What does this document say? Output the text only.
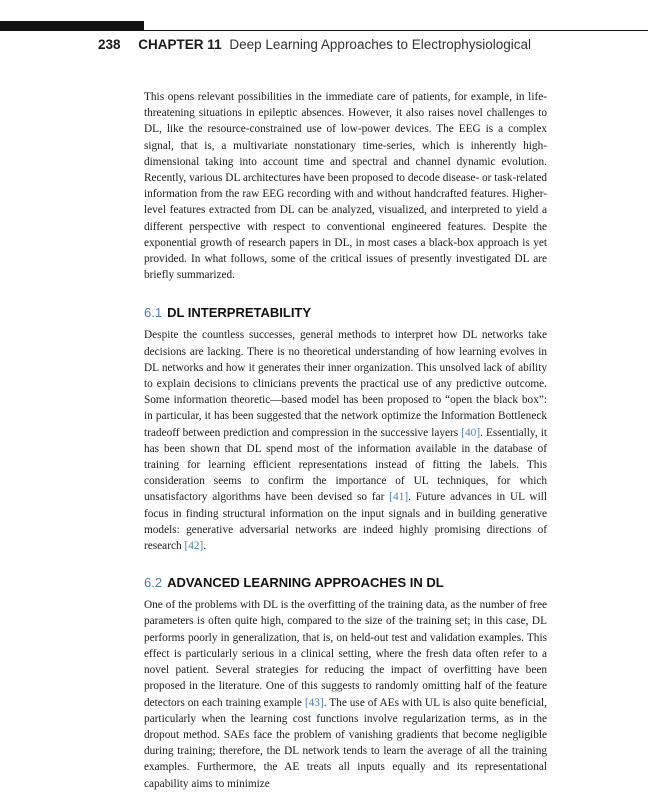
238 CHAPTER 11 Deep Learning Approaches to Electrophysiological

This opens relevant possibilities in the immediate care of patients, for example, in life-threatening situations in epileptic absences. However, it also raises novel challenges to DL, like the resource-constrained use of low-power devices. The EEG is a complex signal, that is, a multivariate nonstationary time-series, which is inherently high-dimensional taking into account time and spectral and channel dynamic evolution. Recently, various DL architectures have been proposed to decode disease- or task-related information from the raw EEG recording with and without handcrafted features. Higher-level features extracted from DL can be analyzed, visualized, and interpreted to yield a different perspective with respect to conventional engineered features. Despite the exponential growth of research papers in DL, in most cases a black-box approach is yet provided. In what follows, some of the critical issues of presently investigated DL are briefly summarized.

6.1 DL INTERPRETABILITY

Despite the countless successes, general methods to interpret how DL networks take decisions are lacking. There is no theoretical understanding of how learning evolves in DL networks and how it generates their inner organization. This unsolved lack of ability to explain decisions to clinicians prevents the practical use of any predictive outcome. Some information theoretic—based model has been proposed to “open the black box”: in particular, it has been suggested that the network optimize the Information Bottleneck tradeoff between prediction and compression in the successive layers [40]. Essentially, it has been shown that DL spend most of the information available in the database of training for learning efficient representations instead of fitting the labels. This consideration seems to confirm the importance of UL techniques, for which unsatisfactory algorithms have been devised so far [41]. Future advances in UL will focus in finding structural information on the input signals and in building generative models: generative adversarial networks are indeed highly promising directions of research [42].

6.2 ADVANCED LEARNING APPROACHES IN DL

One of the problems with DL is the overfitting of the training data, as the number of free parameters is often quite high, compared to the size of the training set; in this case, DL performs poorly in generalization, that is, on held-out test and validation examples. This effect is particularly serious in a clinical setting, where the fresh data often refer to a novel patient. Several strategies for reducing the impact of overfitting have been proposed in the literature. One of this suggests to randomly omitting half of the feature detectors on each training example [43]. The use of AEs with UL is also quite beneficial, particularly when the learning cost functions involve regularization terms, as in the dropout method. SAEs face the problem of vanishing gradients that become negligible during training; therefore, the DL network tends to learn the average of all the training examples. Furthermore, the AE treats all inputs equally and its representational capability aims to minimize
